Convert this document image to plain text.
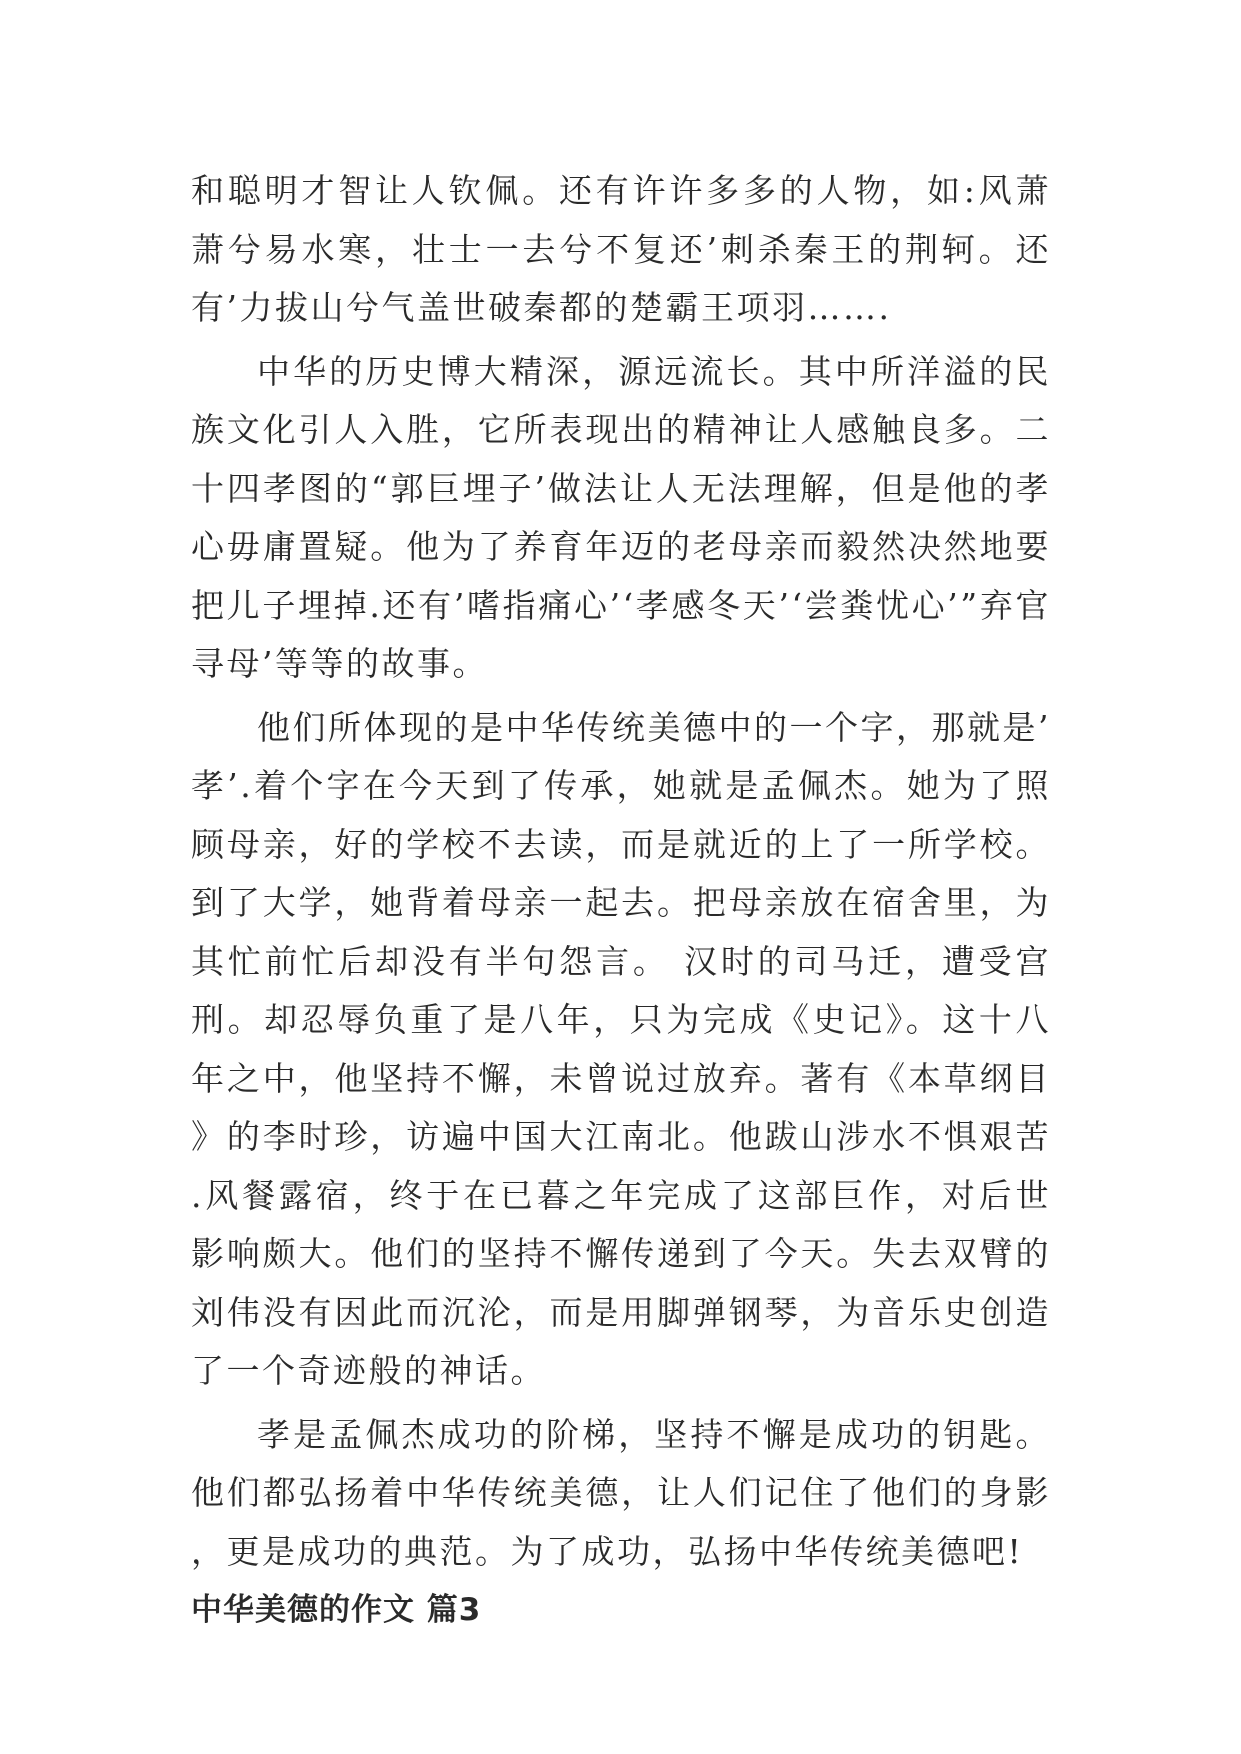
和聪明才智让人钦佩。还有许许多多的人物，如:风萧萧兮易水寒，壮士一去兮不复还’刺杀秦王的荆轲。还有’力拔山兮气盖世破秦都的楚霸王项羽…….

中华的历史博大精深，源远流长。其中所洋溢的民族文化引人入胜，它所表现出的精神让人感触良多。二十四孝图的“郭巨埋子’做法让人无法理解，但是他的孝心毋庸置疑。他为了养育年迈的老母亲而毅然决然地要把儿子埋掉.还有’嗜指痛心’‘孝感冬天’‘尝粪忧心’”弃官寻母’等等的故事。

他们所体现的是中华传统美德中的一个字，那就是’孝’.着个字在今天到了传承，她就是孟佩杰。她为了照顾母亲，好的学校不去读，而是就近的上了一所学校。到了大学，她背着母亲一起去。把母亲放在宿舍里，为其忙前忙后却没有半句怨言。 汉时的司马迁，遭受宫刑。却忍辱负重了是八年，只为完成《史记》。这十八年之中，他坚持不懈，未曾说过放弃。著有《本草纲目》的李时珍，访遍中国大江南北。他跋山涉水不惧艰苦.风餐露宿，终于在已暮之年完成了这部巨作，对后世影响颇大。他们的坚持不懈传递到了今天。失去双臂的刘伟没有因此而沉沦，而是用脚弹钢琴，为音乐史创造了一个奇迹般的神话。

孝是孟佩杰成功的阶梯，坚持不懈是成功的钥匙。他们都弘扬着中华传统美德，让人们记住了他们的身影，更是成功的典范。为了成功，弘扬中华传统美德吧!

中华美德的作文 篇3
